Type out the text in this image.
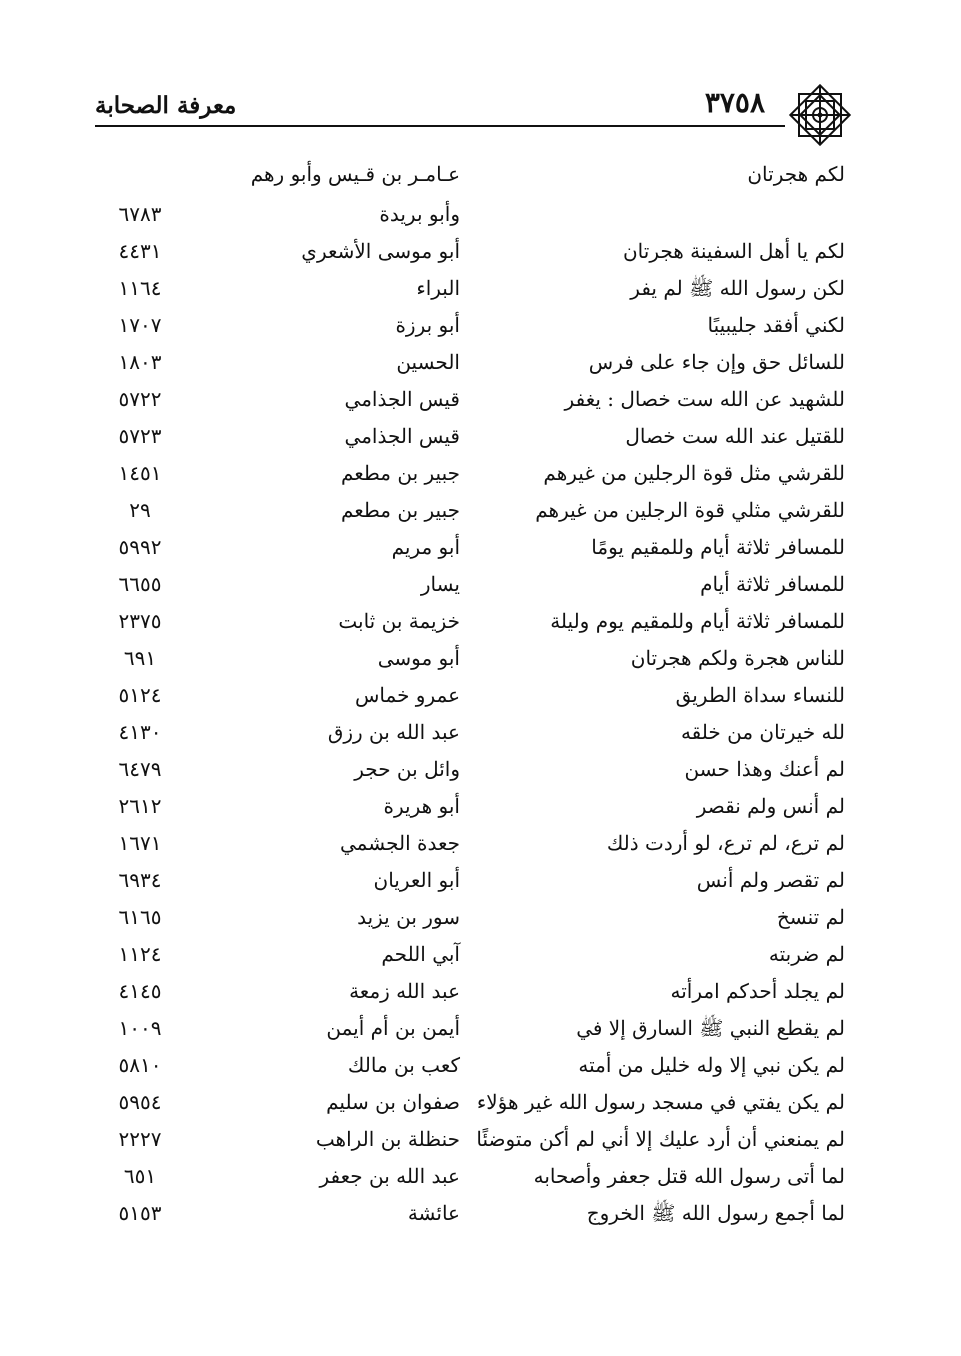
معرفة الصحابة	٣٧٥٨
لكم هجرتان
عـامـر بن قـيس وأبو رهم
وأبو بريدة
٦٧٨٣
لكم يا أهل السفينة هجرتان
أبو موسى الأشعري
٤٤٣١
لكن رسول الله ﷺ لم يفر
البراء
١١٦٤
لكني أفقد جليبيبًا
أبو برزة
١٧٠٧
للسائل حق وإن جاء على فرس
الحسين
١٨٠٣
للشهيد عن الله ست خصال : يغفر
قيس الجذامي
٥٧٢٢
للقتيل عند الله ست خصال
قيس الجذامي
٥٧٢٣
للقرشي مثل قوة الرجلين من غيرهم
جبير بن مطعم
١٤٥١
للقرشي مثلي قوة الرجلين من غيرهم
جبير بن مطعم
٢٩
للمسافر ثلاثة أيام وللمقيم يومًا
أبو مريم
٥٩٩٢
للمسافر ثلاثة أيام
يسار
٦٦٥٥
للمسافر ثلاثة أيام وللمقيم يوم وليلة
خزيمة بن ثابت
٢٣٧٥
للناس هجرة ولكم هجرتان
أبو موسى
٦٩١
للنساء سداة الطريق
عمرو خماس
٥١٢٤
لله خيرتان من خلقه
عبد الله بن رزق
٤١٣٠
لم أعنك وهذا حسن
وائل بن حجر
٦٤٧٩
لم أنس ولم نقصر
أبو هريرة
٢٦١٢
لم ترع، لم ترع، لو أردت ذلك
جعدة الجشمي
١٦٧١
لم تقصر ولم أنس
أبو العريان
٦٩٣٤
لم تنسخ
سور بن يزيد
٦١٦٥
لم ضربته
آبي اللحم
١١٢٤
لم يجلد أحدكم امرأته
عبد الله زمعة
٤١٤٥
لم يقطع النبي ﷺ السارق إلا في
أيمن بن أم أيمن
١٠٠٩
لم يكن نبي إلا وله خليل من أمته
كعب بن مالك
٥٨١٠
لم يكن يفتي في مسجد رسول الله غير هؤلاء
صفوان بن سليم
٥٩٥٤
لم يمنعني أن أرد عليك إلا أني لم أكن متوضئًا
حنظلة بن الراهب
٢٢٢٧
لما أتى رسول الله قتل جعفر وأصحابه
عبد الله بن جعفر
٦٥١
لما أجمع رسول الله ﷺ الخروج
عائشة
٥١٥٣
